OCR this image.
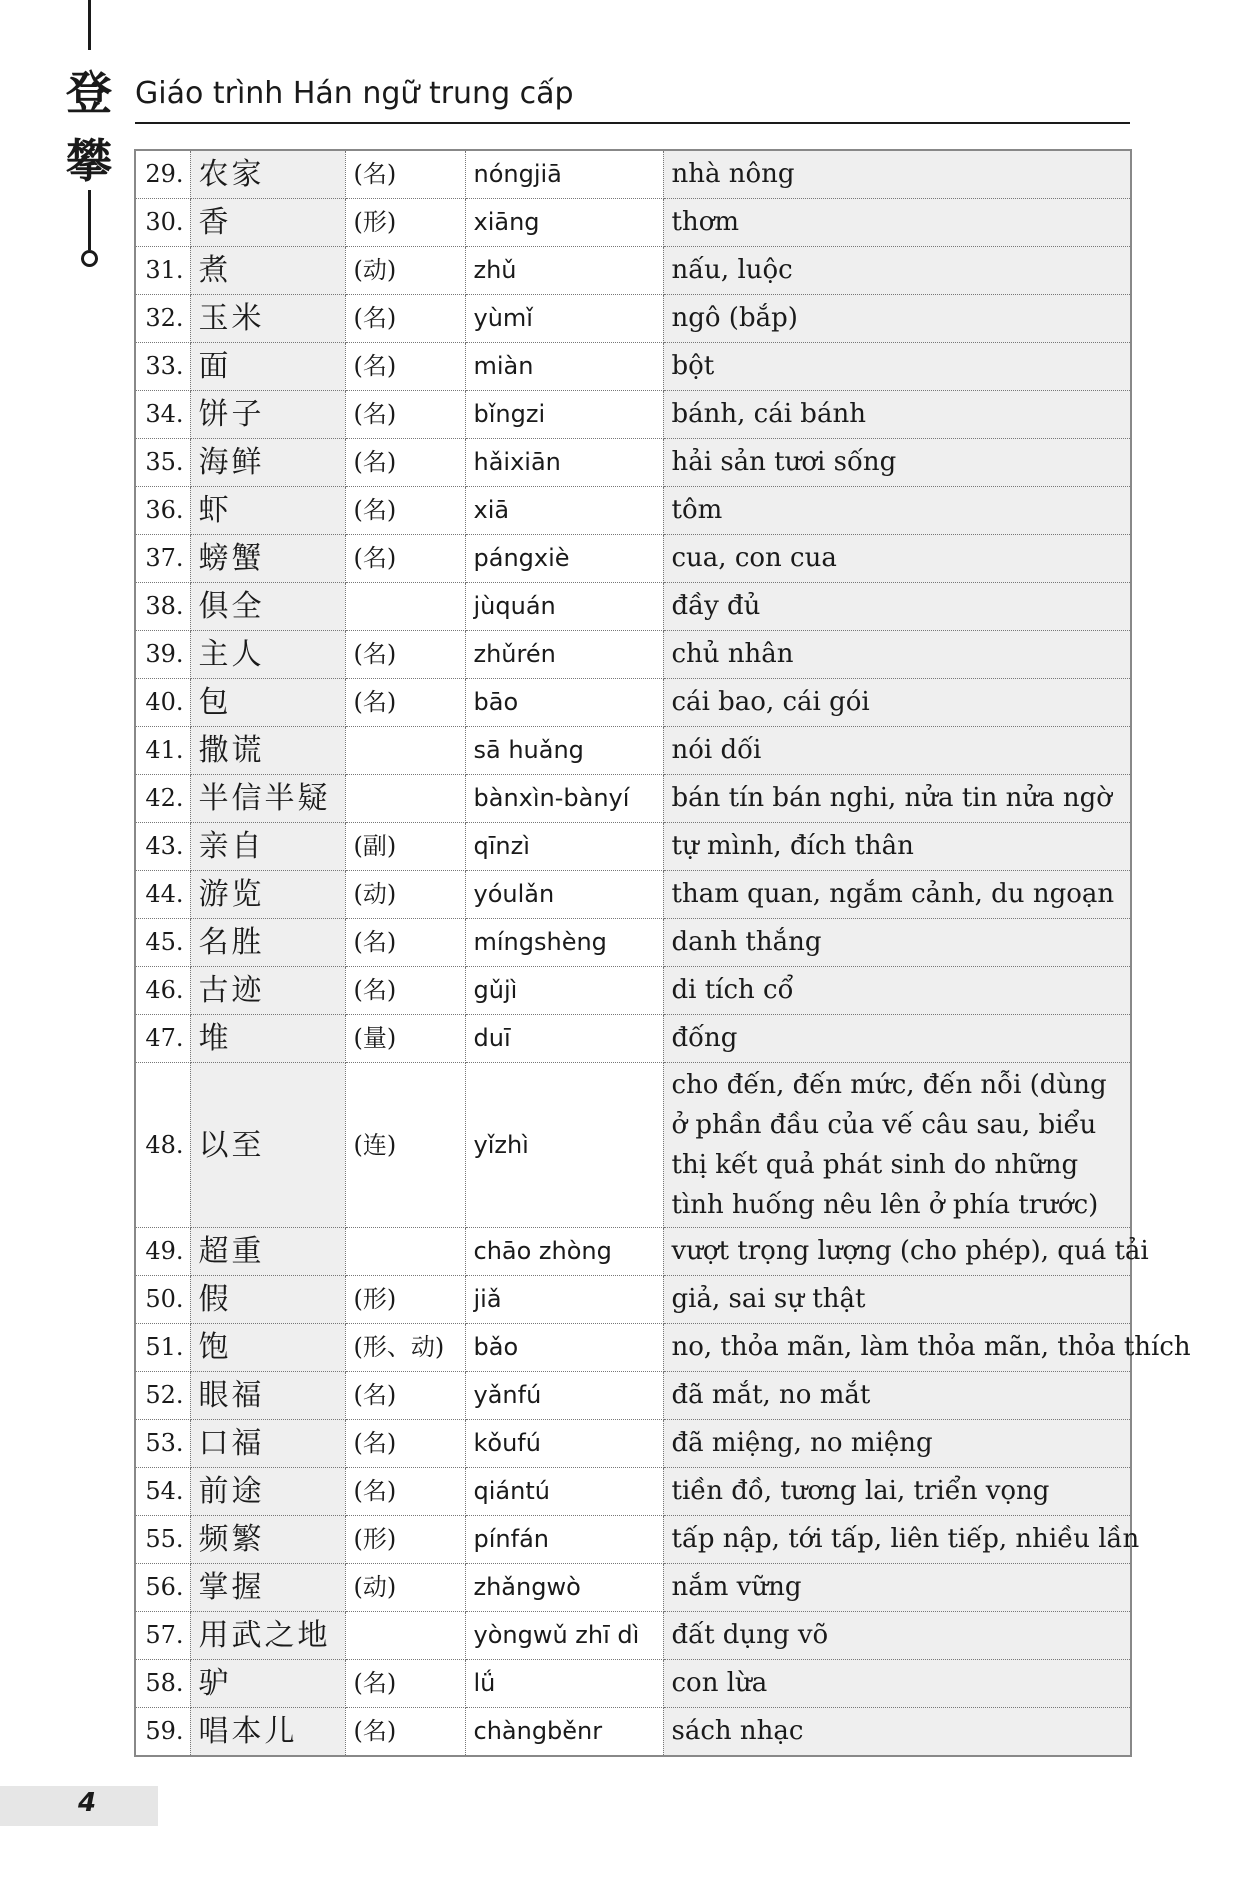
登
攀
Giáo trình Hán ngữ trung cấp
29.	农家	(名)	nóngjiā	nhà nông
30.	香	(形)	xiāng	thơm
31.	煮	(动)	zhǔ	nấu, luộc
32.	玉米	(名)	yùmǐ	ngô (bắp)
33.	面	(名)	miàn	bột
34.	饼子	(名)	bǐngzi	bánh, cái bánh
35.	海鲜	(名)	hǎixiān	hải sản tươi sống
36.	虾	(名)	xiā	tôm
37.	螃蟹	(名)	pángxiè	cua, con cua
38.	俱全		jùquán	đầy đủ
39.	主人	(名)	zhǔrén	chủ nhân
40.	包	(名)	bāo	cái bao, cái gói
41.	撒谎		sā huǎng	nói dối
42.	半信半疑		bànxìn-bànyí	bán tín bán nghi, nửa tin nửa ngờ
43.	亲自	(副)	qīnzì	tự mình, đích thân
44.	游览	(动)	yóulǎn	tham quan, ngắm cảnh, du ngoạn
45.	名胜	(名)	míngshèng	danh thắng
46.	古迹	(名)	gǔjì	di tích cổ
47.	堆	(量)	duī	đống
48.	以至	(连)	yǐzhì	cho đến, đến mức, đến nỗi (dùng ở phần đầu của vế câu sau, biểu thị kết quả phát sinh do những tình huống nêu lên ở phía trước)
49.	超重		chāo zhòng	vượt trọng lượng (cho phép), quá tải
50.	假	(形)	jiǎ	giả, sai sự thật
51.	饱	(形、动)	bǎo	no, thỏa mãn, làm thỏa mãn, thỏa thích
52.	眼福	(名)	yǎnfú	đã mắt, no mắt
53.	口福	(名)	kǒufú	đã miệng, no miệng
54.	前途	(名)	qiántú	tiền đồ, tương lai, triển vọng
55.	频繁	(形)	pínfán	tấp nập, tới tấp, liên tiếp, nhiều lần
56.	掌握	(动)	zhǎngwò	nắm vững
57.	用武之地		yòngwǔ zhī dì	đất dụng võ
58.	驴	(名)	lǘ	con lừa
59.	唱本儿	(名)	chàngběnr	sách nhạc
4
